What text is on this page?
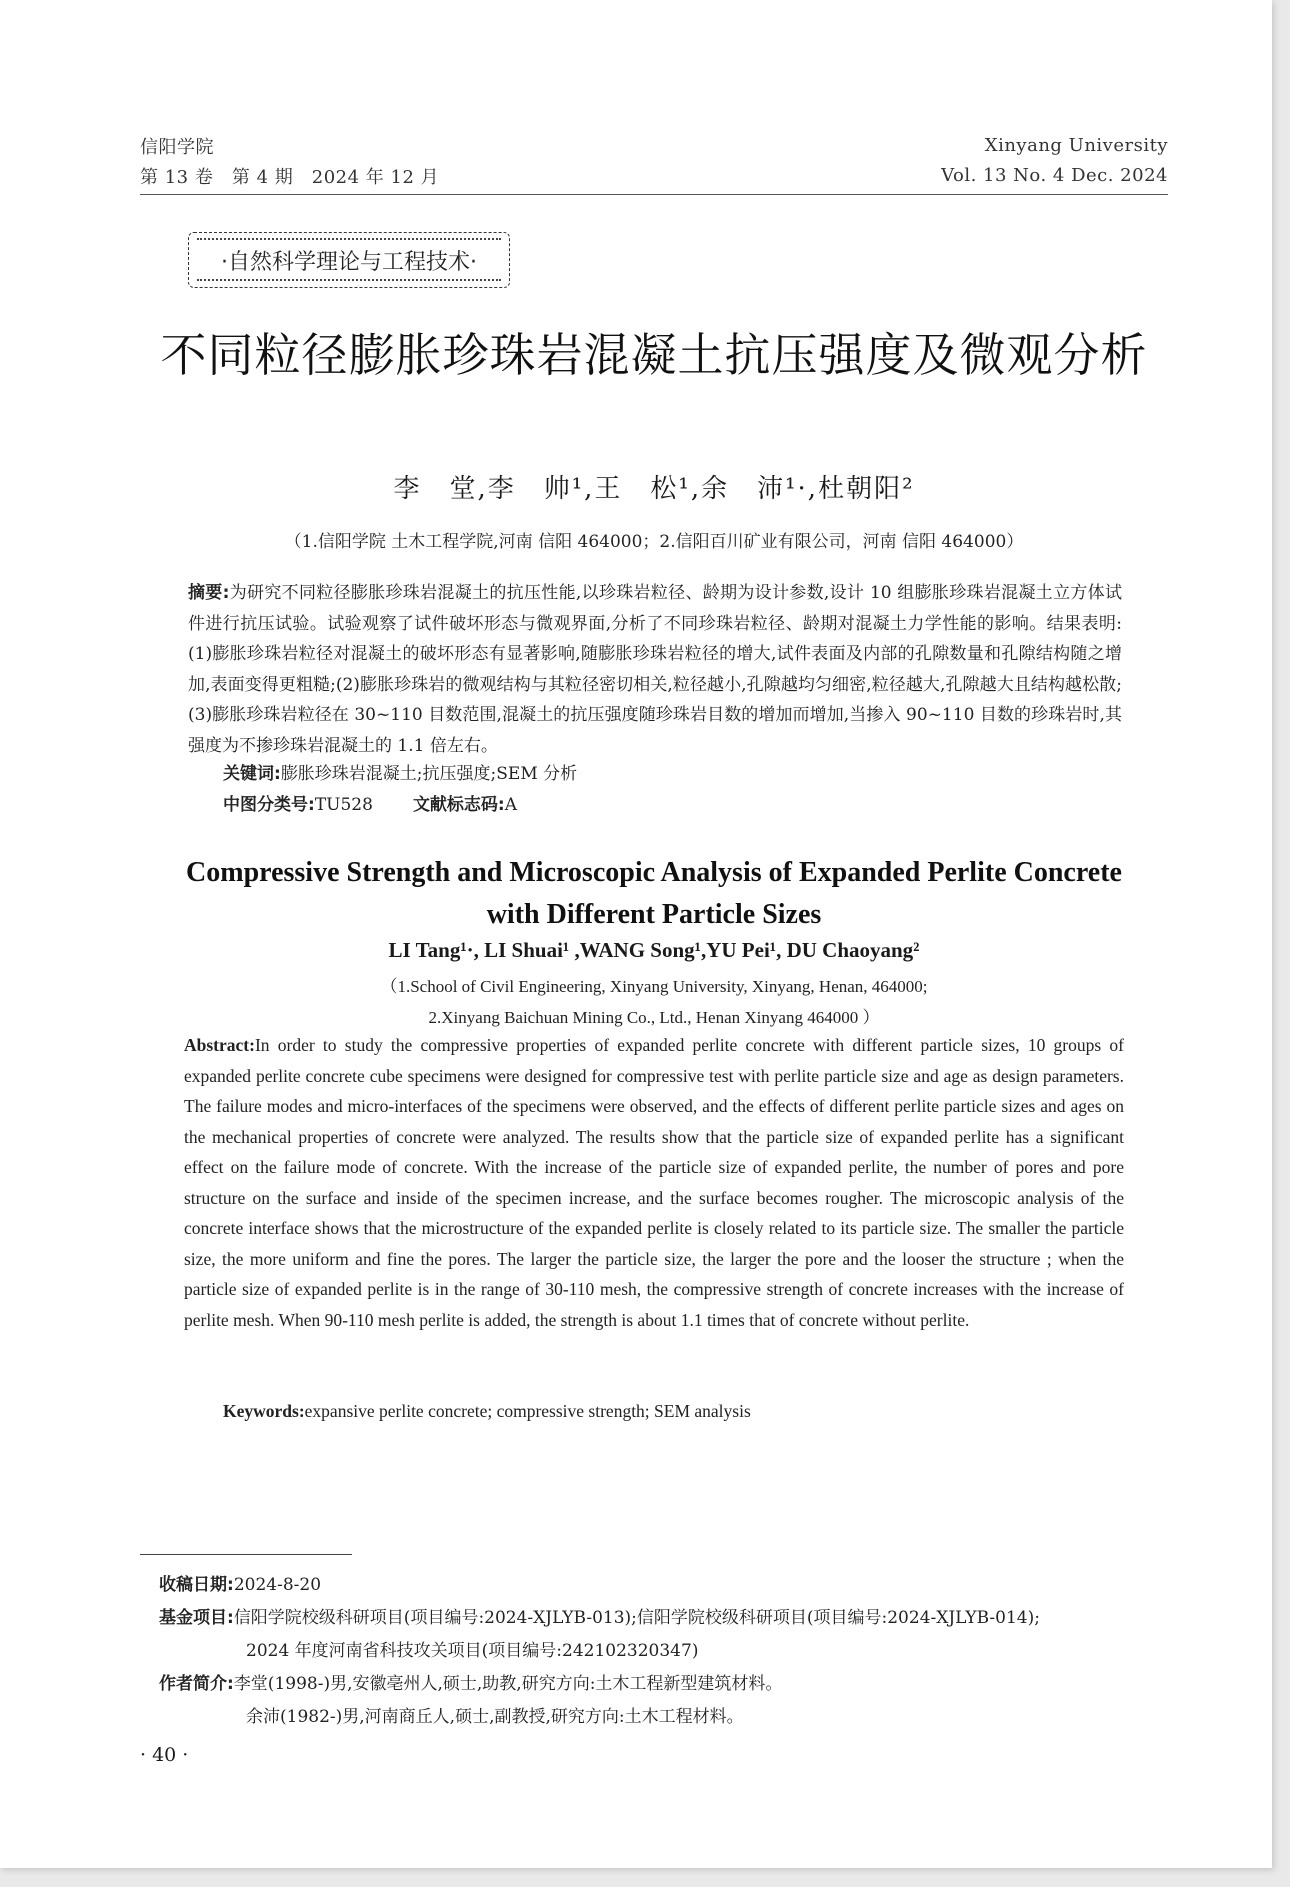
信阳学院
第 13 卷　第 4 期　2024 年 12 月
Xinyang University
Vol. 13 No. 4 Dec. 2024
·自然科学理论与工程技术·
不同粒径膨胀珍珠岩混凝土抗压强度及微观分析
李　堂,李　帅¹,王　松¹,余　沛¹·,杜朝阳²
（1.信阳学院 土木工程学院,河南 信阳 464000；2.信阳百川矿业有限公司，河南 信阳 464000）
摘要:为研究不同粒径膨胀珍珠岩混凝土的抗压性能,以珍珠岩粒径、龄期为设计参数,设计 10 组膨胀珍珠岩混凝土立方体试件进行抗压试验。试验观察了试件破坏形态与微观界面,分析了不同珍珠岩粒径、龄期对混凝土力学性能的影响。结果表明:(1)膨胀珍珠岩粒径对混凝土的破坏形态有显著影响,随膨胀珍珠岩粒径的增大,试件表面及内部的孔隙数量和孔隙结构随之增加,表面变得更粗糙;(2)膨胀珍珠岩的微观结构与其粒径密切相关,粒径越小,孔隙越均匀细密,粒径越大,孔隙越大且结构越松散;(3)膨胀珍珠岩粒径在 30~110 目数范围,混凝土的抗压强度随珍珠岩目数的增加而增加,当掺入 90~110 目数的珍珠岩时,其强度为不掺珍珠岩混凝土的 1.1 倍左右。
关键词:膨胀珍珠岩混凝土;抗压强度;SEM 分析
中图分类号:TU528 文献标志码:A
Compressive Strength and Microscopic Analysis of Expanded Perlite Concrete with Different Particle Sizes
LI Tang¹·, LI Shuai¹ ,WANG Song¹,YU Pei¹, DU Chaoyang²
（1.School of Civil Engineering, Xinyang University, Xinyang, Henan, 464000;
2.Xinyang Baichuan Mining Co., Ltd., Henan Xinyang 464000 ）
Abstract:In order to study the compressive properties of expanded perlite concrete with different particle sizes, 10 groups of expanded perlite concrete cube specimens were designed for compressive test with perlite particle size and age as design parameters. The failure modes and micro-interfaces of the specimens were observed, and the effects of different perlite particle sizes and ages on the mechanical properties of concrete were analyzed. The results show that the particle size of expanded perlite has a significant effect on the failure mode of concrete. With the increase of the particle size of expanded perlite, the number of pores and pore structure on the surface and inside of the specimen increase, and the surface becomes rougher. The microscopic analysis of the concrete interface shows that the microstructure of the expanded perlite is closely related to its particle size. The smaller the particle size, the more uniform and fine the pores. The larger the particle size, the larger the pore and the looser the structure ; when the particle size of expanded perlite is in the range of 30-110 mesh, the compressive strength of concrete increases with the increase of perlite mesh. When 90-110 mesh perlite is added, the strength is about 1.1 times that of concrete without perlite.
Keywords:expansive perlite concrete; compressive strength; SEM analysis
收稿日期:2024-8-20
基金项目:信阳学院校级科研项目(项目编号:2024-XJLYB-013);信阳学院校级科研项目(项目编号:2024-XJLYB-014);
2024 年度河南省科技攻关项目(项目编号:242102320347)
作者简介:李堂(1998-)男,安徽亳州人,硕士,助教,研究方向:土木工程新型建筑材料。
余沛(1982-)男,河南商丘人,硕士,副教授,研究方向:土木工程材料。
· 40 ·
